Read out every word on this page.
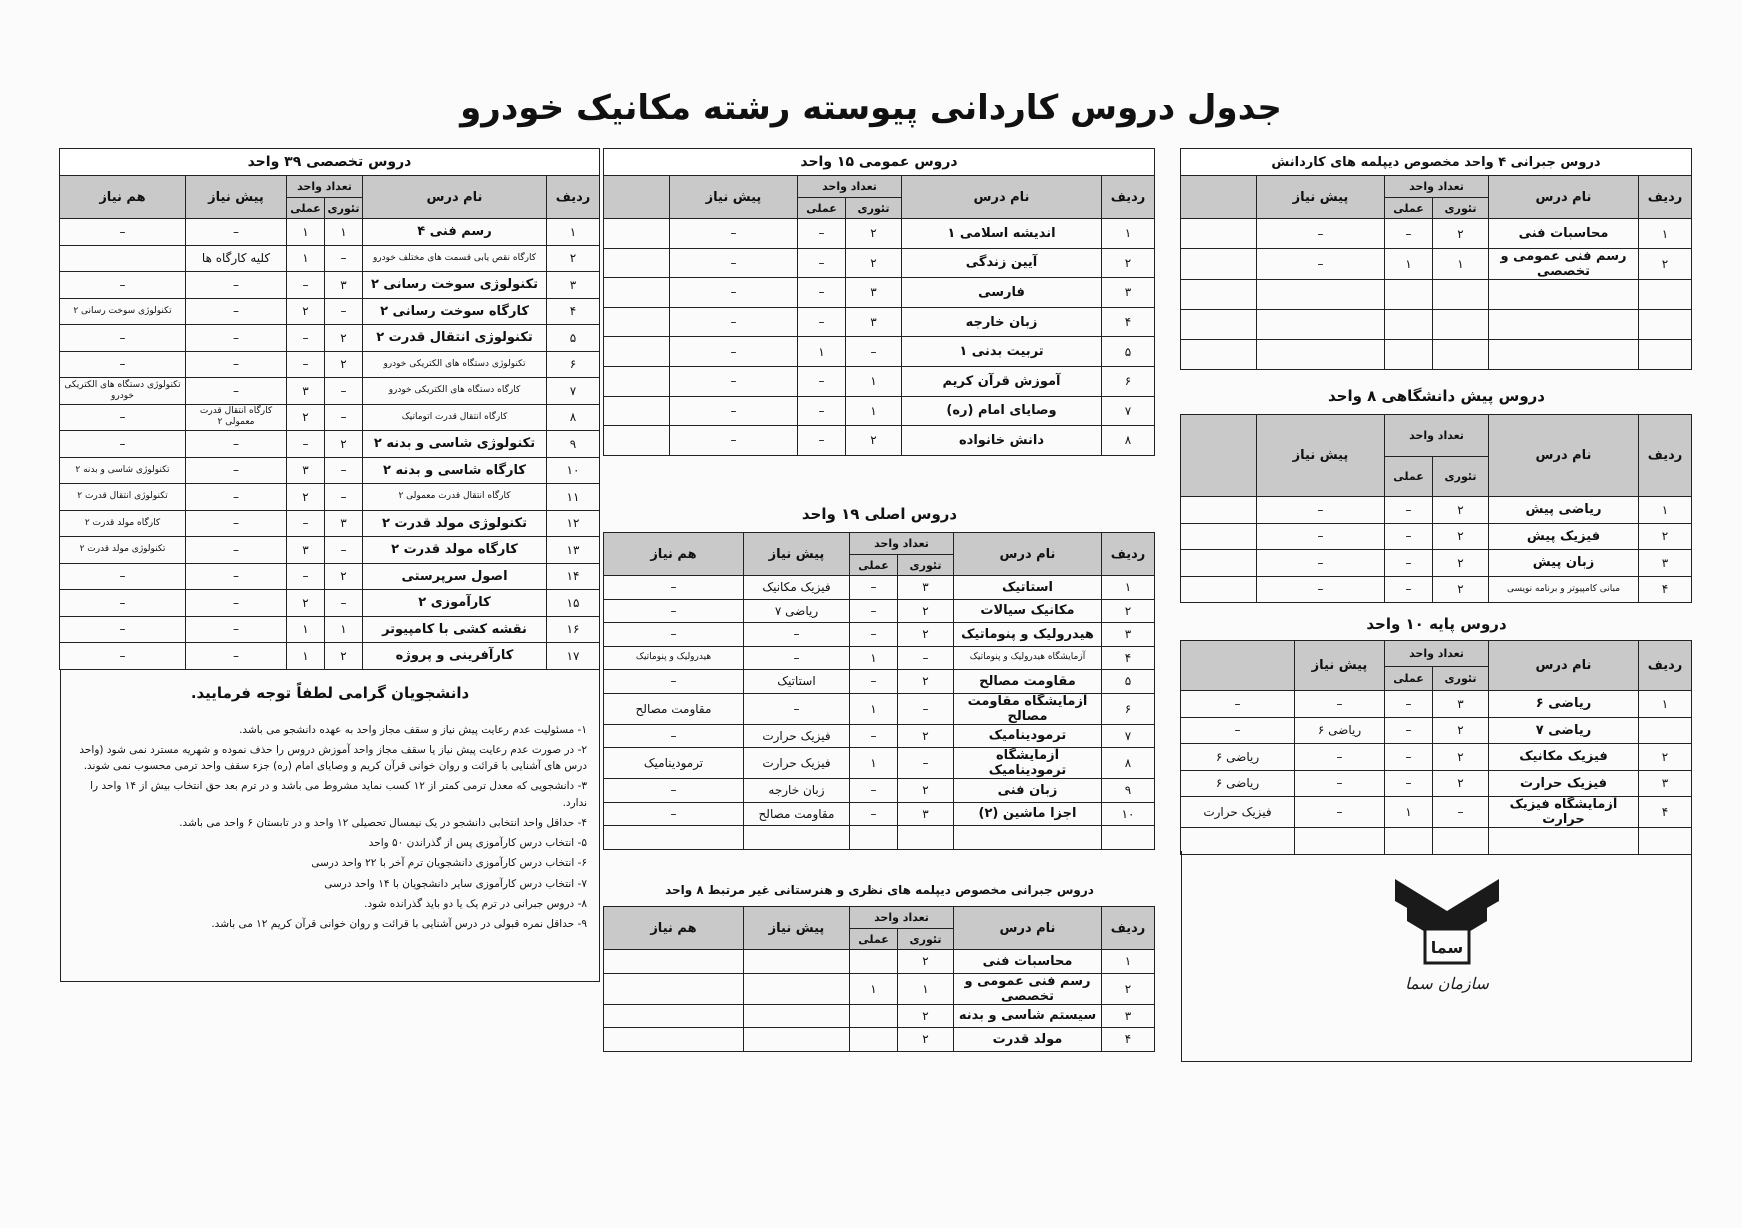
جدول دروس کاردانی پیوسته رشته مکانیک خودرو
دروس تخصصی ۳۹ واحد					
ردیف	نام درس	تعداد واحد		پیش نیاز	هم نیاز
		تئوری	عملی		
۱	رسم فنی ۴	۱	۱	–	–
۲	کارگاه نقص یابی قسمت های مختلف خودرو	–	۱	کلیه کارگاه ها	
۳	تکنولوژی سوخت رسانی ۲	۳	–	–	–
۴	کارگاه سوخت رسانی ۲	–	۲	–	تکنولوژی سوخت رسانی ۲
۵	تکنولوژی انتقال قدرت ۲	۲	–	–	–
۶	تکنولوژی دستگاه های الکتریکی خودرو	۲	–	–	–
۷	کارگاه دستگاه های الکتریکی خودرو	–	۳	–	تکنولوژی دستگاه های الکتریکی خودرو
۸	کارگاه انتقال قدرت اتوماتیک	–	۲	کارگاه انتقال قدرت معمولی ۲	–
۹	تکنولوژی شاسی و بدنه ۲	۲	–	–	–
۱۰	کارگاه شاسی و بدنه ۲	–	۳	–	تکنولوژی شاسی و بدنه ۲
۱۱	کارگاه انتقال قدرت معمولی ۲	–	۲	–	تکنولوژی انتقال قدرت ۲
۱۲	تکنولوژی مولد قدرت ۲	۳	–	–	کارگاه مولد قدرت ۲
۱۳	کارگاه مولد قدرت ۲	–	۳	–	تکنولوژی مولد قدرت ۲
۱۴	اصول سرپرستی	۲	–	–	–
۱۵	کارآموزی ۲	–	۲	–	–
۱۶	نقشه کشی با کامپیوتر	۱	۱	–	–
۱۷	کارآفرینی و پروژه	۲	۱	–	–
دانشجویان گرامی لطفاً توجه فرمایید.

۱- مسئولیت عدم رعایت پیش نیاز و سقف مجاز واحد به عهده دانشجو می باشد.

۲- در صورت عدم رعایت پیش نیاز یا سقف مجاز واحد آموزش دروس را حذف نموده و شهریه مسترد نمی شود (واحد درس های آشنایی با قرائت و روان خوانی قرآن کریم و وصایای امام (ره) جزء سقف واحد ترمی محسوب نمی شوند.

۳- دانشجویی که معدل ترمی کمتر از ۱۲ کسب نماید مشروط می باشد و در ترم بعد حق انتخاب بیش از ۱۴ واحد را ندارد.

۴- حداقل واحد انتخابی دانشجو در یک نیمسال تحصیلی ۱۲ واحد و در تابستان ۶ واحد می باشد.

۵- انتخاب درس کارآموزی پس از گذراندن ۵۰ واحد

۶- انتخاب درس کارآموزی دانشجویان ترم آخر با ۲۲ واحد درسی

۷- انتخاب درس کارآموزی سایر دانشجویان با ۱۴ واحد درسی

۸- دروس جبرانی در ترم یک یا دو باید گذرانده شود.

۹- حداقل نمره قبولی در درس آشنایی با قرائت و روان خوانی قرآن کریم ۱۲ می باشد.

دروس عمومی ۱۵ واحد					
ردیف	نام درس	تعداد واحد		پیش نیاز	
		تئوری	عملی		
۱	اندیشه اسلامی ۱	۲	–	–	
۲	آیین زندگی	۲	–	–	
۳	فارسی	۳	–	–	
۴	زبان خارجه	۳	–	–	
۵	تربیت بدنی ۱	–	۱	–	
۶	آموزش قرآن کریم	۱	–	–	
۷	وصایای امام (ره)	۱	–	–	
۸	دانش خانواده	۲	–	–	
دروس اصلی ۱۹ واحد
ردیف	نام درس	تعداد واحد		پیش نیاز	هم نیاز
		تئوری	عملی		
۱	استاتیک	۳	–	فیزیک مکانیک	–
۲	مکانیک سیالات	۲	–	ریاضی ۷	–
۳	هیدرولیک و پنوماتیک	۲	–	–	–
۴	آزمایشگاه هیدرولیک و پنوماتیک	–	۱	–	هیدرولیک و پنوماتیک
۵	مقاومت مصالح	۲	–	استاتیک	–
۶	آزمایشگاه مقاومت مصالح	–	۱	–	مقاومت مصالح
۷	ترمودینامیک	۲	–	فیزیک حرارت	–
۸	آزمایشگاه ترمودینامیک	–	۱	فیزیک حرارت	ترمودینامیک
۹	زبان فنی	۲	–	زبان خارجه	–
۱۰	اجزا ماشین (۲)	۳	–	مقاومت مصالح	–

دروس جبرانی مخصوص دیپلمه های نظری و هنرستانی غیر مرتبط ۸ واحد
ردیف	نام درس	تعداد واحد		پیش نیاز	هم نیاز
		تئوری	عملی		
۱	محاسبات فنی	۲			
۲	رسم فنی عمومی و تخصصی	۱	۱		
۳	سیستم شاسی و بدنه	۲			
۴	مولد قدرت	۲			
دروس جبرانی ۴ واحد مخصوص دیپلمه های کاردانش					
ردیف	نام درس	تعداد واحد		پیش نیاز	
		تئوری	عملی		
۱	محاسبات فنی	۲	–	–	
۲	رسم فنی عمومی و تخصصی	۱	۱	–	

دروس پیش دانشگاهی ۸ واحد
ردیف	نام درس	تعداد واحد		پیش نیاز	
		تئوری	عملی		
۱	ریاضی پیش	۲	–	–	
۲	فیزیک پیش	۲	–	–	
۳	زبان پیش	۲	–	–	
۴	مبانی کامپیوتر و برنامه نویسی	۲	–	–	
دروس پایه ۱۰ واحد
ردیف	نام درس	تعداد واحد		پیش نیاز	
		تئوری	عملی		
۱	ریاضی ۶	۳	–	–	–
	ریاضی ۷	۲	–	ریاضی ۶	–
۲	فیزیک مکانیک	۲	–	–	ریاضی ۶
۳	فیزیک حرارت	۲	–	–	ریاضی ۶
۴	آزمایشگاه فیزیک حرارت	–	۱	–	فیزیک حرارت

سما
سازمان سما
